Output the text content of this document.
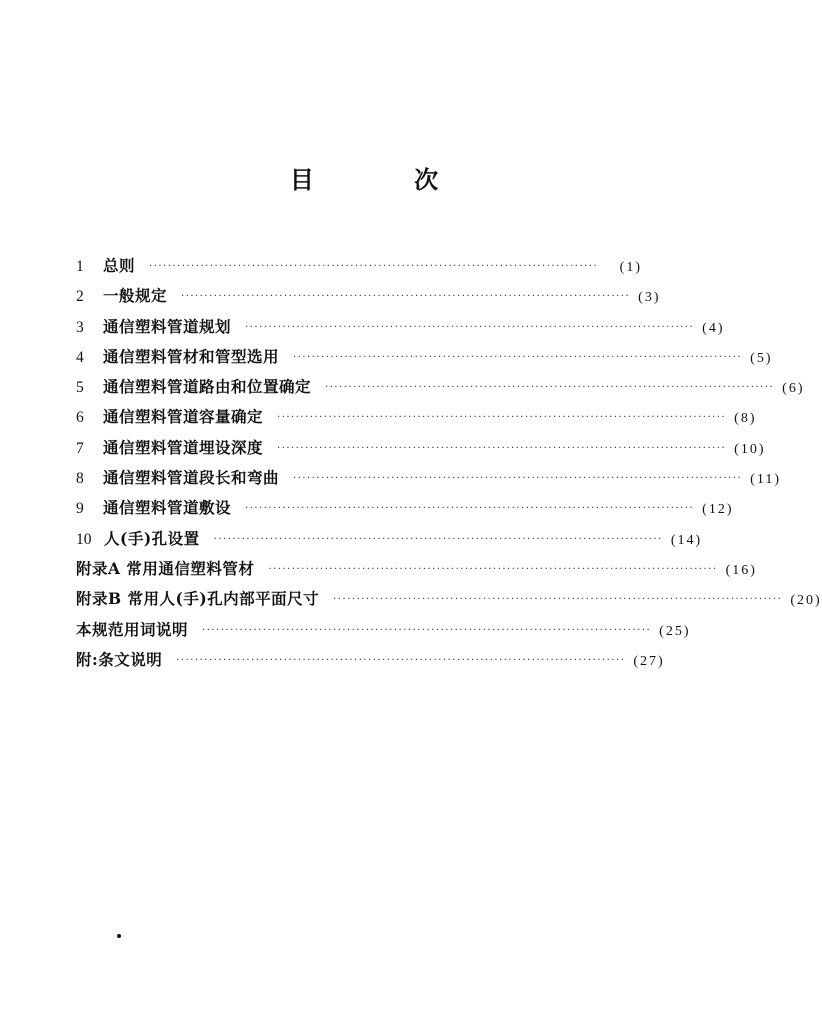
目 次
1	总则 ································································································	(1)
2	一般规定 ································································································ (3)
3	通信塑料管道规划 ································································································ (4)
4	通信塑料管材和管型选用 ································································································ (5)
5	通信塑料管道路由和位置确定 ································································································ (6)
6	通信塑料管道容量确定 ································································································ (8)
7	通信塑料管道埋设深度 ································································································ (10)
8	通信塑料管道段长和弯曲 ································································································ (11)
9	通信塑料管道敷设 ································································································ (12)
10 人(手)孔设置 ································································································ (14)
附录A 常用通信塑料管材 ································································································ (16)
附录B 常用人(手)孔内部平面尺寸 ································································································ (20)
本规范用词说明 ································································································ (25)
附:条文说明 ································································································ (27)
